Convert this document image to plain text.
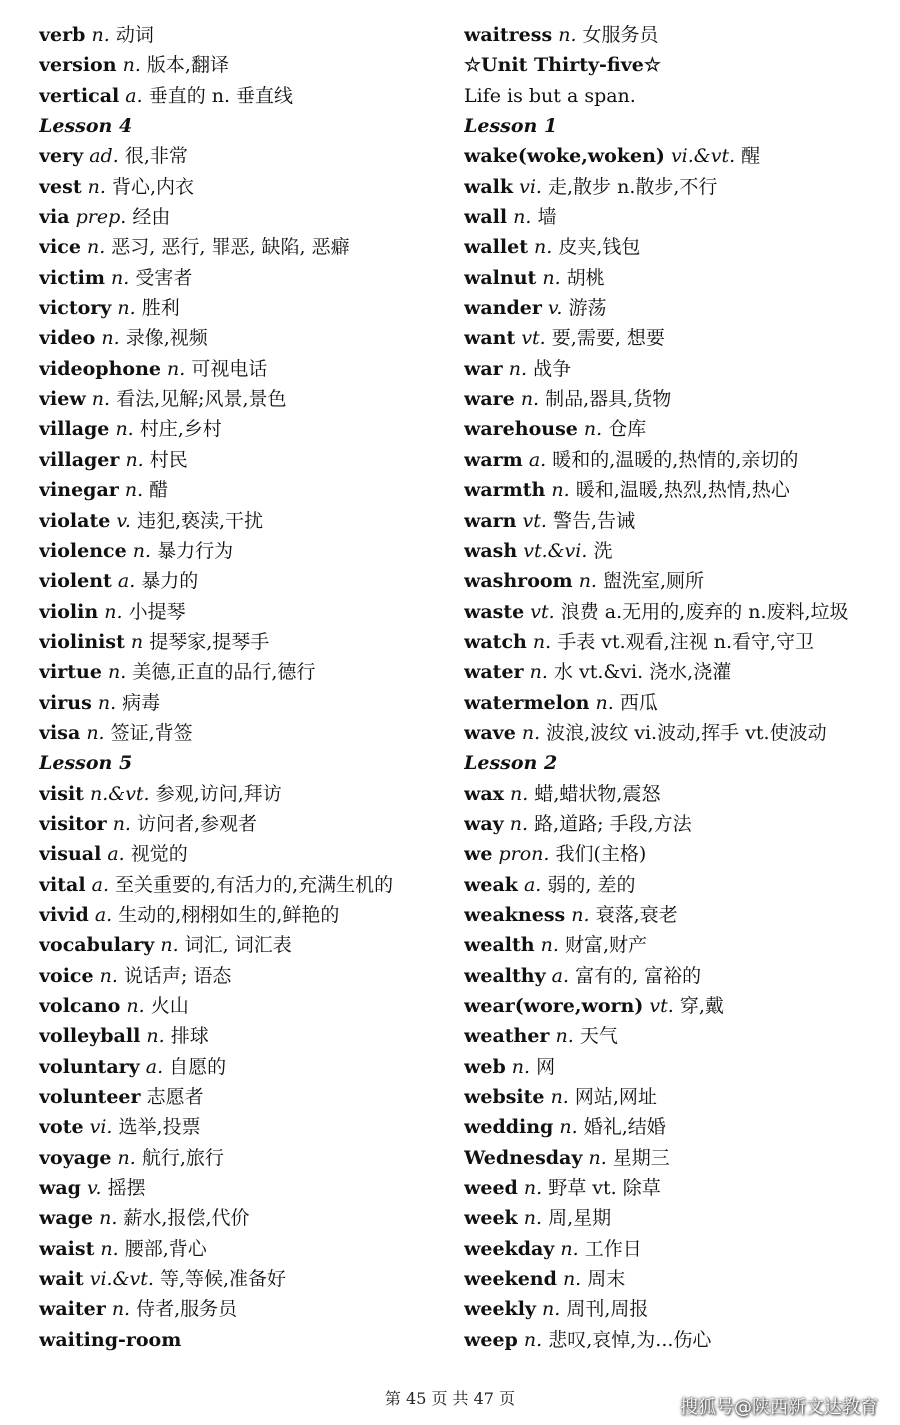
verb n. 动词
version n. 版本,翻译
vertical a. 垂直的 n. 垂直线
Lesson 4
very ad. 很,非常
vest n. 背心,内衣
via prep. 经由
vice n. 恶习, 恶行, 罪恶, 缺陷, 恶癖
victim n. 受害者
victory n. 胜利
video n. 录像,视频
videophone n. 可视电话
view n. 看法,见解;风景,景色
village n. 村庄,乡村
villager n. 村民
vinegar n. 醋
violate v. 违犯,亵渎,干扰
violence n. 暴力行为
violent a. 暴力的
violin n. 小提琴
violinist n 提琴家,提琴手
virtue n. 美德,正直的品行,德行
virus n. 病毒
visa n. 签证,背签
Lesson 5
visit n.&vt. 参观,访问,拜访
visitor n. 访问者,参观者
visual a. 视觉的
vital a. 至关重要的,有活力的,充满生机的
vivid a. 生动的,栩栩如生的,鲜艳的
vocabulary n. 词汇, 词汇表
voice n. 说话声; 语态
volcano n. 火山
volleyball n. 排球
voluntary a. 自愿的
volunteer 志愿者
vote vi. 选举,投票
voyage n. 航行,旅行
wag v. 摇摆
wage n. 薪水,报偿,代价
waist n. 腰部,背心
wait vi.&vt. 等,等候,准备好
waiter n. 侍者,服务员
waiting-room
waitress n. 女服务员
☆Unit Thirty-five☆
Life is but a span.
Lesson 1
wake(woke,woken) vi.&vt. 醒
walk vi. 走,散步 n.散步,不行
wall n. 墙
wallet n. 皮夹,钱包
walnut n. 胡桃
wander v. 游荡
want vt. 要,需要, 想要
war n. 战争
ware n. 制品,器具,货物
warehouse n. 仓库
warm a. 暖和的,温暖的,热情的,亲切的
warmth n. 暖和,温暖,热烈,热情,热心
warn vt. 警告,告诫
wash vt.&vi. 洗
washroom n. 盥洗室,厕所
waste vt. 浪费 a.无用的,废弃的 n.废料,垃圾
watch n. 手表 vt.观看,注视 n.看守,守卫
water n. 水 vt.&vi. 浇水,浇灌
watermelon n. 西瓜
wave n. 波浪,波纹 vi.波动,挥手 vt.使波动
Lesson 2
wax n. 蜡,蜡状物,震怒
way n. 路,道路; 手段,方法
we pron. 我们(主格)
weak a. 弱的, 差的
weakness n. 衰落,衰老
wealth n. 财富,财产
wealthy a. 富有的, 富裕的
wear(wore,worn) vt. 穿,戴
weather n. 天气
web n. 网
website n. 网站,网址
wedding n. 婚礼,结婚
Wednesday n. 星期三
weed n. 野草 vt. 除草
week n. 周,星期
weekday n. 工作日
weekend n. 周末
weekly n. 周刊,周报
weep n. 悲叹,哀悼,为...伤心
第 45 页 共 47 页	搜狐号@陕西新文达教育
